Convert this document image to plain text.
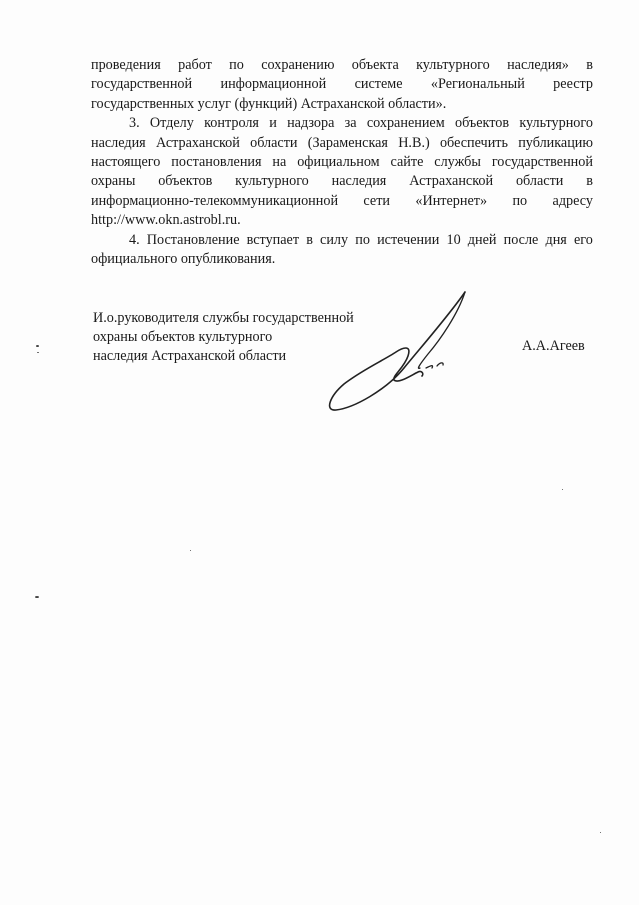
проведения работ по сохранению объекта культурного наследия» в
государственной информационной системе «Региональный реестр
государственных услуг (функций) Астраханской области».
3. Отделу контроля и надзора за сохранением объектов культурного
наследия Астраханской области (Зараменская Н.В.) обеспечить публикацию
настоящего постановления на официальном сайте службы государственной
охраны объектов культурного наследия Астраханской области в
информационно-телекоммуникационной сети «Интернет» по адресу
http://www.okn.astrobl.ru.
4. Постановление вступает в силу по истечении 10 дней после дня его
официального опубликования.
И.о.руководителя службы государственной
охраны объектов культурного
наследия Астраханской области
А.А.Агеев
